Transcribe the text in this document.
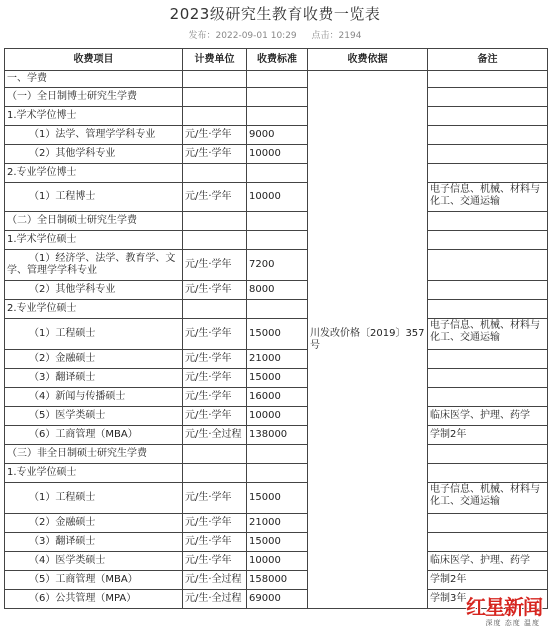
2023级研究生教育收费一览表
发布：2022-09-01 10:29 点击：2194
收费项目	计费单位	收费标准	收费依据	备注
一、学费			川发改价格〔2019〕357号	
（一）全日制博士研究生学费				
1.学术学位博士				
（1）法学、管理学学科专业	元/生·学年	9000		
（2）其他学科专业	元/生·学年	10000		
2.专业学位博士				
（1）工程博士	元/生·学年	10000		电子信息、机械、材料与化工、交通运输
（二）全日制硕士研究生学费				
1.学术学位硕士				
（1）经济学、法学、教育学、文学、管理学学科专业	元/生·学年	7200		
（2）其他学科专业	元/生·学年	8000		
2.专业学位硕士				
（1）工程硕士	元/生·学年	15000		电子信息、机械、材料与化工、交通运输
（2）金融硕士	元/生·学年	21000		
（3）翻译硕士	元/生·学年	15000		
（4）新闻与传播硕士	元/生·学年	16000		
（5）医学类硕士	元/生·学年	10000		临床医学、护理、药学
（6）工商管理（MBA）	元/生·全过程	138000		学制2年
（三）非全日制硕士研究生学费				
1.专业学位硕士				
（1）工程硕士	元/生·学年	15000		电子信息、机械、材料与化工、交通运输
（2）金融硕士	元/生·学年	21000		
（3）翻译硕士	元/生·学年	15000		
（4）医学类硕士	元/生·学年	10000		临床医学、护理、药学
（5）工商管理（MBA）	元/生·全过程	158000		学制2年
（6）公共管理（MPA）	元/生·全过程	69000		学制3年 红星新闻
深度 态度 温度
